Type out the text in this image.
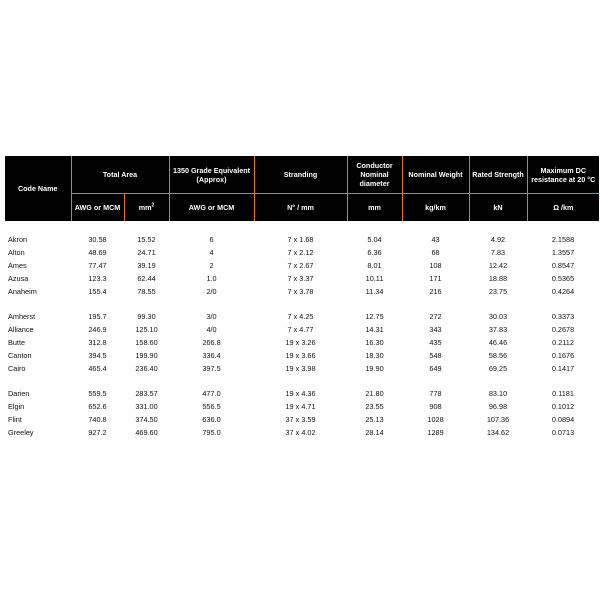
Code Name	Total Area		1350 Grade Equivalent (Approx)	Stranding	Conductor Nominal diameter	Nominal Weight	Rated Strength	Maximum DC resistance at 20 °C
	AWG or MCM	$mm^2$	AWG or MCM	N° / mm	mm	kg/km	kN	Ω /km

Akron	30.58	15.52	6	7 x 1.68	5.04	43	4.92	2.1588
Alton	48.69	24.71	4	7 x 2.12	6.36	68	7.83	1.3557
Ames	77.47	39.19	2	7 x 2.67	8.01	108	12.42	0.8547
Azusa	123.3	62.44	1.0	7 x 3.37	10.11	171	18.88	0.5365
Anaheim	155.4	78.55	2/0	7 x 3.78	11.34	216	23.75	0.4264

Amherst	195.7	99.30	3/0	7 x 4.25	12.75	272	30.03	0.3373
Alliance	246.9	125.10	4/0	7 x 4.77	14.31	343	37.83	0.2678
Butte	312.8	158.60	266.8	19 x 3.26	16.30	435	46.46	0.2112
Canton	394.5	199.90	336.4	19 x 3.66	18.30	548	58.56	0.1676
Cairo	465.4	236.40	397.5	19 x 3.98	19.90	649	69.25	0.1417

Darien	559.5	283.57	477.0	19 x 4.36	21.80	778	83.10	0.1181
Elgin	652.6	331.00	556.5	19 x 4.71	23.55	908	96.98	0.1012
Flint	740.8	374.50	636.0	37 x 3.59	25.13	1028	107.36	0.0894
Greeley	927.2	469.60	795.0	37 x 4.02	28.14	1289	134.62	0.0713
